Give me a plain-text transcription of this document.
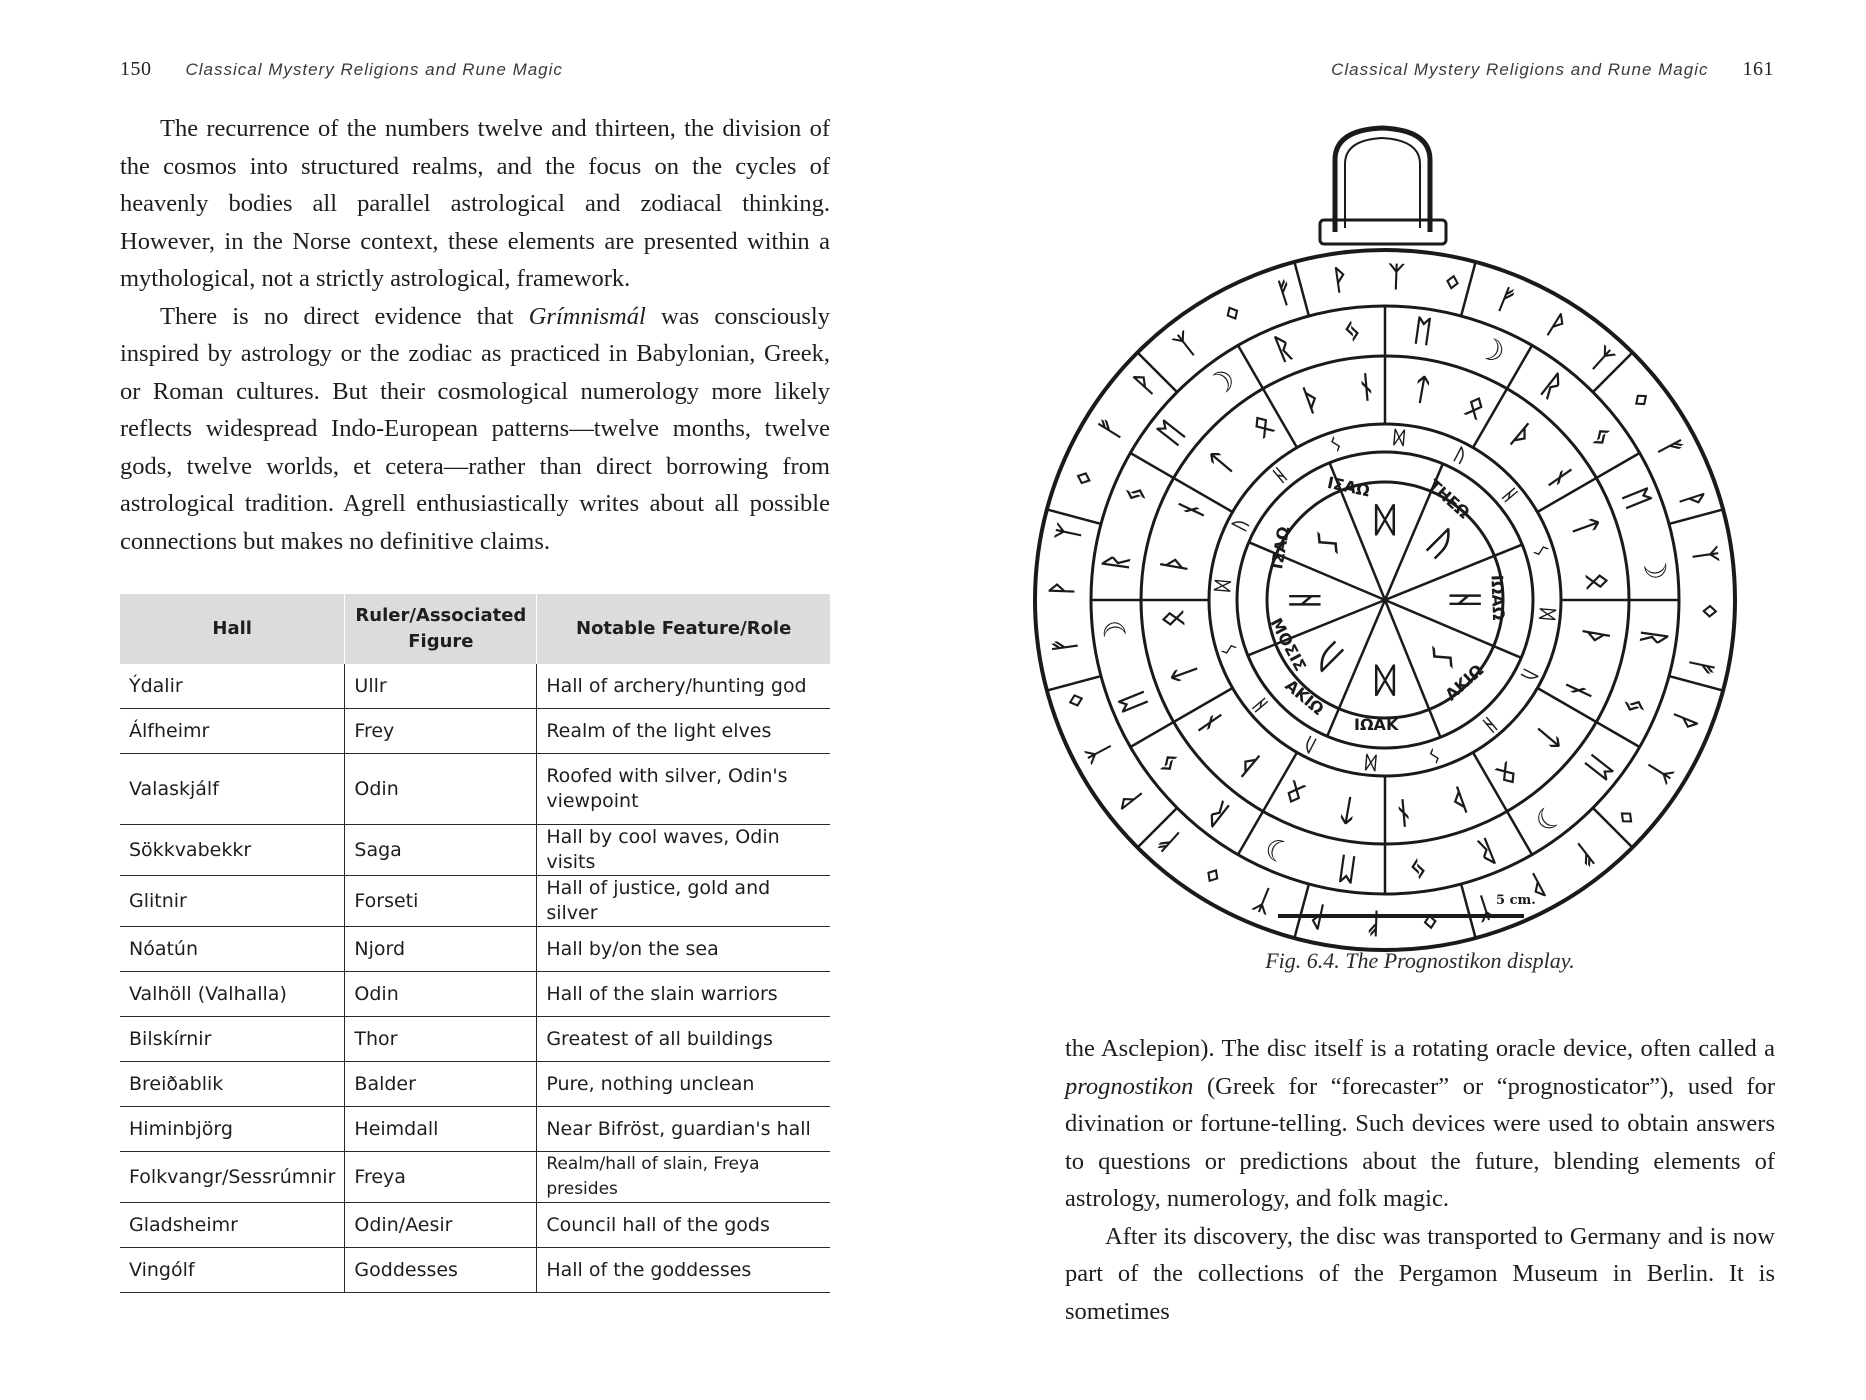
150 Classical Mystery Religions and Rune Magic

The recurrence of the numbers twelve and thirteen, the division of the cosmos into structured realms, and the focus on the cycles of heavenly bodies all parallel astrological and zodiacal thinking. However, in the Norse context, these elements are presented within a mythological, not a strictly astrological, framework.

There is no direct evidence that Grímnismál was consciously inspired by astrology or the zodiac as practiced in Babylonian, Greek, or Roman cultures. But their cosmological numerology more likely reflects widespread Indo-European patterns—twelve months, twelve gods, twelve worlds, et cetera—rather than direct borrowing from astrological tradition. Agrell enthusiastically writes about all possible connections but makes no definitive claims.

Hall	Ruler/Associated Figure	Notable Feature/Role
Ýdalir	Ullr	Hall of archery/hunting god
Álfheimr	Frey	Realm of the light elves
Valaskjálf	Odin	Roofed with silver, Odin's viewpoint
Sökkvabekkr	Saga	Hall by cool waves, Odin visits
Glitnir	Forseti	Hall of justice, gold and silver
Nóatún	Njord	Hall by/on the sea
Valhöll (Valhalla)	Odin	Hall of the slain warriors
Bilskírnir	Thor	Greatest of all buildings
Breiðablik	Balder	Pure, nothing unclean
Himinbjörg	Heimdall	Near Bifröst, guardian's hall
Folkvangr/Sessrúmnir	Freya	Realm/hall of slain, Freya presides
Gladsheimr	Odin/Aesir	Council hall of the gods
Vingólf	Goddesses	Hall of the goddesses
Classical Mystery Religions and Rune Magic 161
ᛉ ᛜ ᚠ
ᚹ
ᛉ
ᛜ
ᚠ
ᚹ
ᛉ
ᛜ
ᚠ
ᚹ
ᛉ
ᛜ
ᚠ
ᚹ
ᛉ
ᛜ
ᚠ
ᚹ
ᛉ
ᛜ
ᚠ
ᚹ
ᛉ
ᛜ
ᚠ
ᚹ
ᛉ
ᛜ
ᚠ
ᚹ
ᛉ
ᛜ
ᚠ ᚹ
ᛖ ☽
ᚱ
ᛃ
ᛖ
☽
ᚱ
ᛃ
ᛖ
☽
ᚱ
ᛃ
ᛖ
☽
ᚱ
ᛃ
ᛖ
☽
ᚱ
ᛃ
ᛖ
☽
ᚱ ᛃ
ᛏ ᛟ
ᚦ
ᚾ
ᛏ
ᛟ
ᚦ
ᚾ
ᛏ
ᛟ
ᚦ
ᚾ
ᛏ
ᛟ
ᚦ
ᚾ
ᛏ
ᛟ
ᚦ
ᚾ
ᛏ
ᛟ
ᚦ ᚾ
ᛞ
ᚢ
ᚺ
ᛊ
ᛞ
ᚢ
ᚺ
ᛊ
ᛞ
ᚢ
ᚺ
ᛊ
ᛞ
ᚢ
ᚺ
ᛊ
ᛞ
ᚢ
ᚺ
ᛊ
ᛞ
ᚢ
ᚺ
ᛊ
ΙΣΑΩ	ΤΗΕΩ
ΙΩΑΩ
ΑΚΙΩ
ΙΩΑΚ
ΑΚΙΩ
ΜΟΣΙΣ
ΙΣΑΩ
5 cm.
Fig. 6.4. The Prognostikon display.

the Asclepion). The disc itself is a rotating oracle device, often called a prognostikon (Greek for “forecaster” or “prognosticator”), used for divination or fortune-telling. Such devices were used to obtain answers to questions or predictions about the future, blending elements of astrology, numerology, and folk magic.

After its discovery, the disc was transported to Germany and is now part of the collections of the Pergamon Museum in Berlin. It is sometimes
